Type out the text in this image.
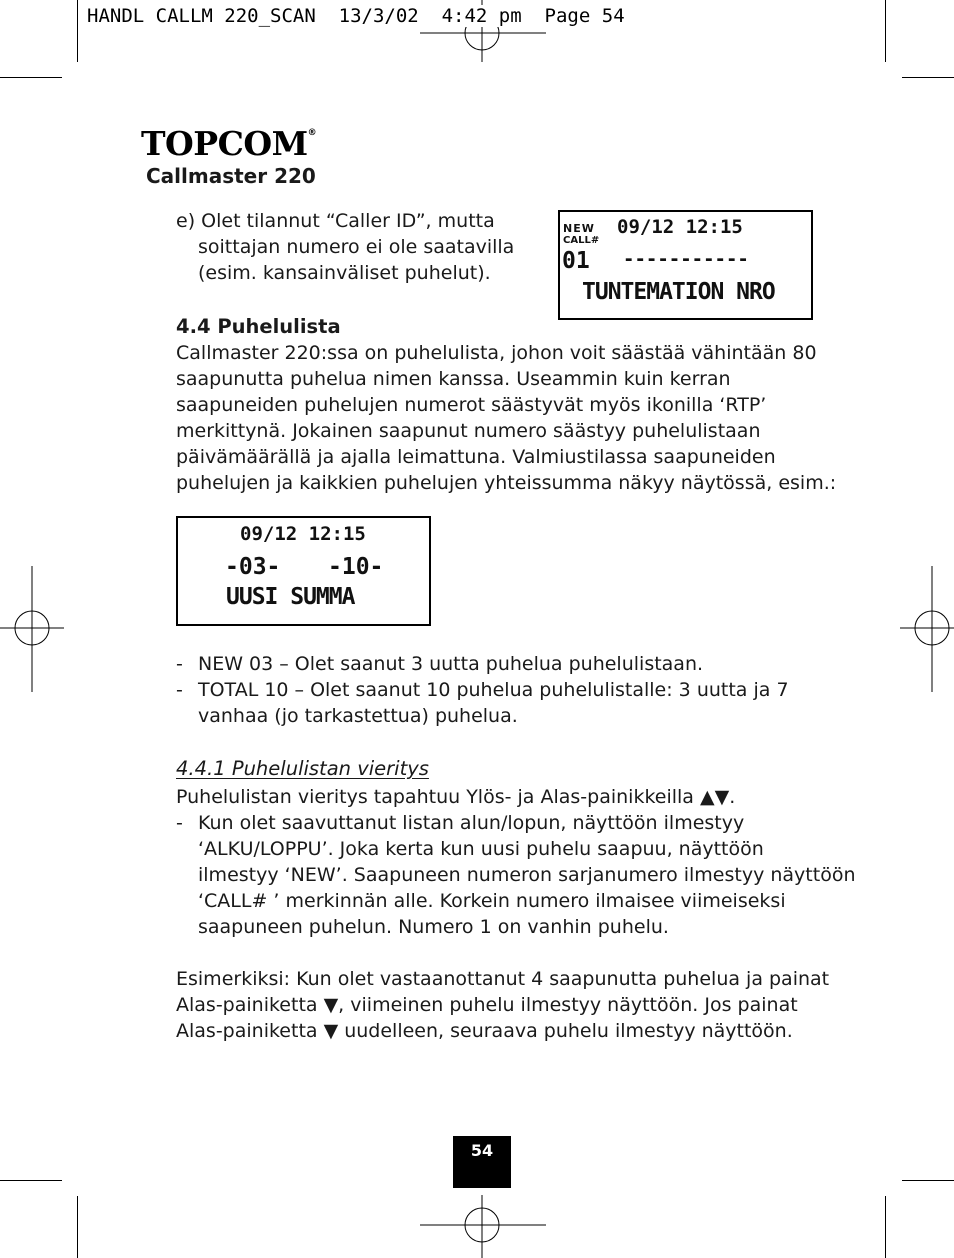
HANDL CALLM 220_SCAN  13/3/02  4:42 pm  Page 54
TOPCOM®
Callmaster 220
e) Olet tilannut “Caller ID”, mutta
soittajan numero ei ole saatavilla
(esim. kansainväliset puhelut).
NEW
CALL#
09/12 12:15
01 -----------
TUNTEMATION NRO
4.4 Puhelulista
Callmaster 220:ssa on puhelulista, johon voit säästää vähintään 80
saapunutta puhelua nimen kanssa. Useammin kuin kerran
saapuneiden puhelujen numerot säästyvät myös ikonilla ‘RTP’
merkittynä. Jokainen saapunut numero säästyy puhelulistaan
päivämäärällä ja ajalla leimattuna. Valmiustilassa saapuneiden
puhelujen ja kaikkien puhelujen yhteissumma näkyy näytössä, esim.:
09/12 12:15
-03- -10-
UUSI SUMMA
- NEW 03 – Olet saanut 3 uutta puhelua puhelulistaan.
- TOTAL 10 – Olet saanut 10 puhelua puhelulistalle: 3 uutta ja 7
vanhaa (jo tarkastettua) puhelua.
4.4.1 Puhelulistan vieritys
Puhelulistan vieritys tapahtuu Ylös- ja Alas-painikkeilla ▲▼.
- Kun olet saavuttanut listan alun/lopun, näyttöön ilmestyy
‘ALKU/LOPPU’. Joka kerta kun uusi puhelu saapuu, näyttöön
ilmestyy ‘NEW’. Saapuneen numeron sarjanumero ilmestyy näyttöön
‘CALL# ’ merkinnän alle. Korkein numero ilmaisee viimeiseksi
saapuneen puhelun. Numero 1 on vanhin puhelu.
Esimerkiksi: Kun olet vastaanottanut 4 saapunutta puhelua ja painat
Alas-painiketta ▼, viimeinen puhelu ilmestyy näyttöön. Jos painat
Alas-painiketta ▼ uudelleen, seuraava puhelu ilmestyy näyttöön.
54
